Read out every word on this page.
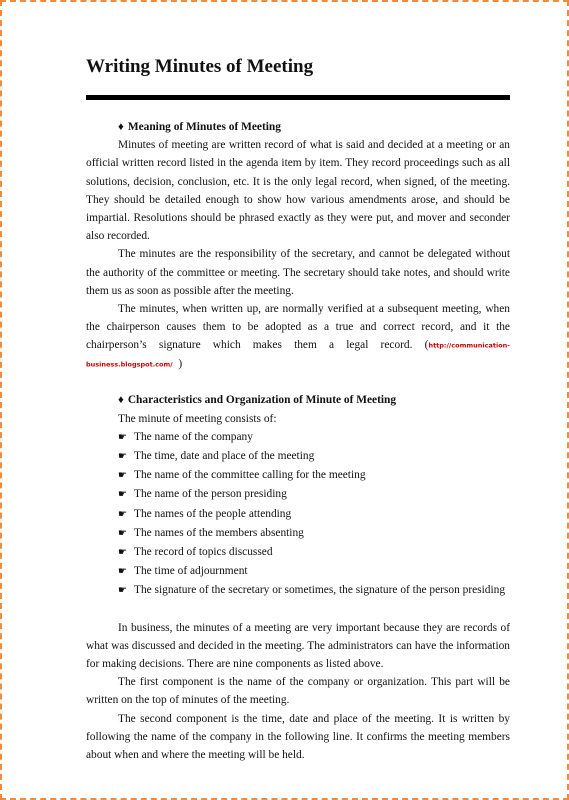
Writing Minutes of Meeting
♦ Meaning of Minutes of Meeting

Minutes of meeting are written record of what is said and decided at a meeting or an official written record listed in the agenda item by item. They record proceedings such as all solutions, decision, conclusion, etc. It is the only legal record, when signed, of the meeting. They should be detailed enough to show how various amendments arose, and should be impartial. Resolutions should be phrased exactly as they were put, and mover and seconder also recorded.

The minutes are the responsibility of the secretary, and cannot be delegated without the authority of the committee or meeting. The secretary should take notes, and should write them us as soon as possible after the meeting.

The minutes, when written up, are normally verified at a subsequent meeting, when the chairperson causes them to be adopted as a true and correct record, and it the chairperson’s signature which makes them a legal record. (http://communication-business.blogspot.com/ )

♦ Characteristics and Organization of Minute of Meeting

The minute of meeting consists of:

☛ The name of the company
☛ The time, date and place of the meeting
☛ The name of the committee calling for the meeting
☛ The name of the person presiding
☛ The names of the people attending
☛ The names of the members absenting
☛ The record of topics discussed
☛ The time of adjournment
☛ The signature of the secretary or sometimes, the signature of the person presiding

In business, the minutes of a meeting are very important because they are records of what was discussed and decided in the meeting. The administrators can have the information for making decisions. There are nine components as listed above.

The first component is the name of the company or organization. This part will be written on the top of minutes of the meeting.

The second component is the time, date and place of the meeting. It is written by following the name of the company in the following line. It confirms the meeting members about when and where the meeting will be held.
